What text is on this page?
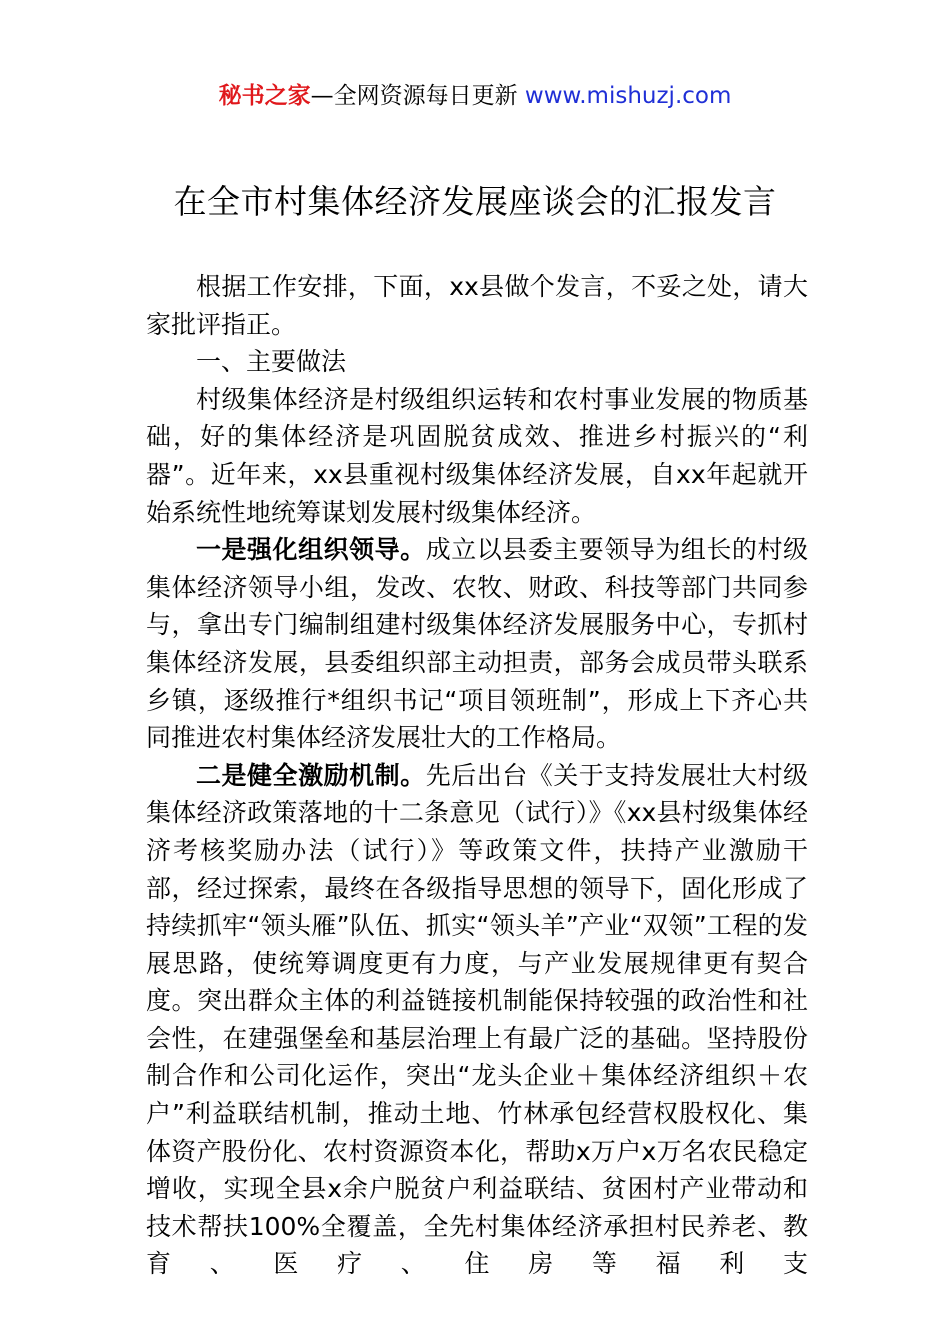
秘书之家—全网资源每日更新 www.mishuzj.com
在全市村集体经济发展座谈会的汇报发言

根据工作安排，下面，xx县做个发言，不妥之处，请大家批评指正。

一、主要做法

村级集体经济是村级组织运转和农村事业发展的物质基础，好的集体经济是巩固脱贫成效、推进乡村振兴的“利器”。近年来，xx县重视村级集体经济发展，自xx年起就开始系统性地统筹谋划发展村级集体经济。

一是强化组织领导。成立以县委主要领导为组长的村级集体经济领导小组，发改、农牧、财政、科技等部门共同参与，拿出专门编制组建村级集体经济发展服务中心，专抓村集体经济发展，县委组织部主动担责，部务会成员带头联系乡镇，逐级推行*组织书记“项目领班制”，形成上下齐心共同推进农村集体经济发展壮大的工作格局。

二是健全激励机制。先后出台《关于支持发展壮大村级集体经济政策落地的十二条意见（试行）》《xx县村级集体经济考核奖励办法（试行）》等政策文件，扶持产业激励干部，经过探索，最终在各级指导思想的领导下，固化形成了持续抓牢“领头雁”队伍、抓实“领头羊”产业“双领”工程的发展思路，使统筹调度更有力度，与产业发展规律更有契合度。突出群众主体的利益链接机制能保持较强的政治性和社会性，在建强堡垒和基层治理上有最广泛的基础。坚持股份制合作和公司化运作，突出“龙头企业＋集体经济组织＋农户”利益联结机制，推动土地、竹林承包经营权股权化、集体资产股份化、农村资源资本化，帮助x万户x万名农民稳定增收，实现全县x余户脱贫户利益联结、贫困村产业带动和技术帮扶100%全覆盖，全先村集体经济承担村民养老、教育、医疗、住房等福利支
